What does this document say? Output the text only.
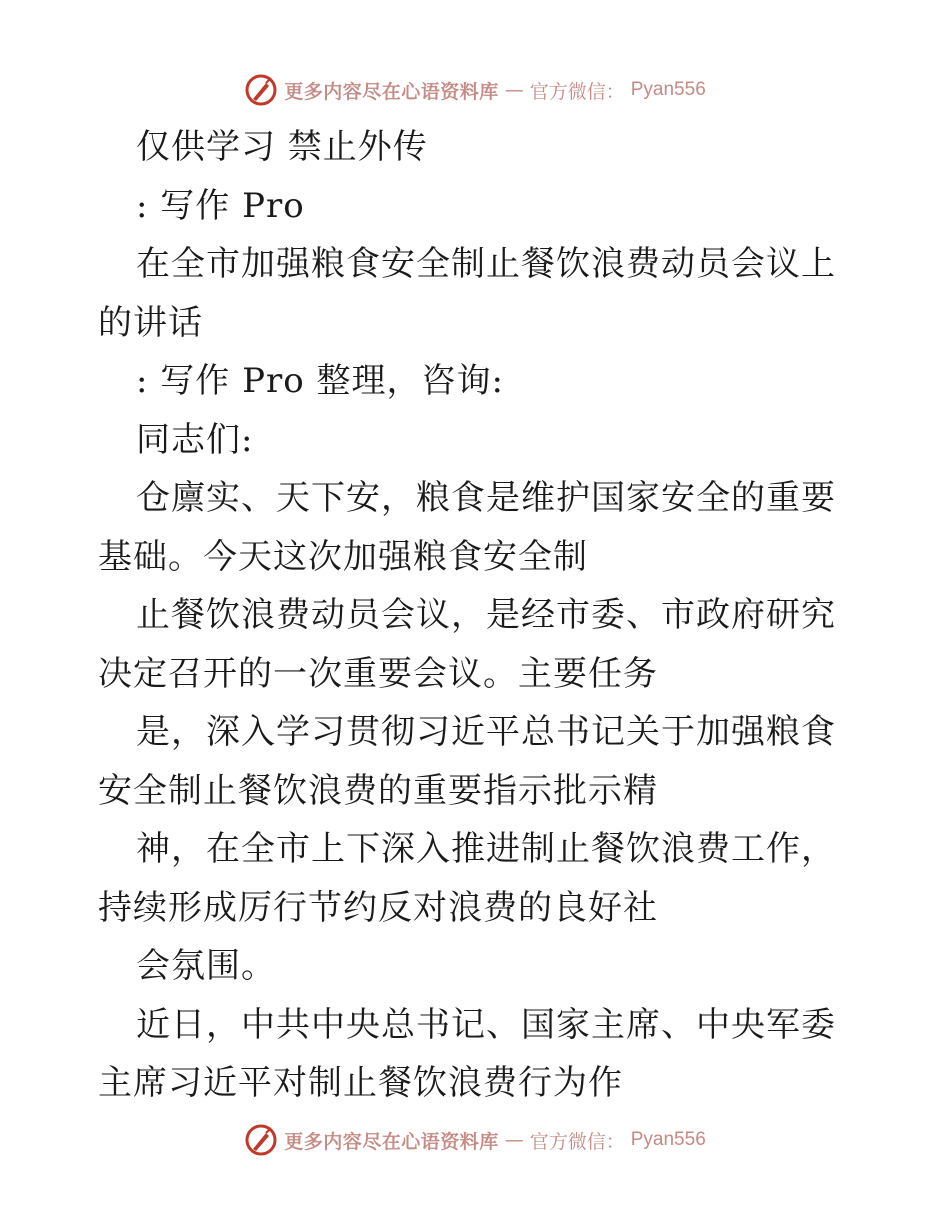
更多内容尽在心语资料库 — 官方微信： Pyan556

仅供学习 禁止外传

: 写作 Pro

在全市加强粮食安全制止餐饮浪费动员会议上的讲话

: 写作 Pro 整理，咨询:

同志们:

仓廪实、天下安，粮食是维护国家安全的重要基础。今天这次加强粮食安全制

止餐饮浪费动员会议，是经市委、市政府研究决定召开的一次重要会议。主要任务

是，深入学习贯彻习近平总书记关于加强粮食安全制止餐饮浪费的重要指示批示精

神，在全市上下深入推进制止餐饮浪费工作，持续形成厉行节约反对浪费的良好社

会氛围。

近日，中共中央总书记、国家主席、中央军委主席习近平对制止餐饮浪费行为作

更多内容尽在心语资料库 — 官方微信： Pyan556
